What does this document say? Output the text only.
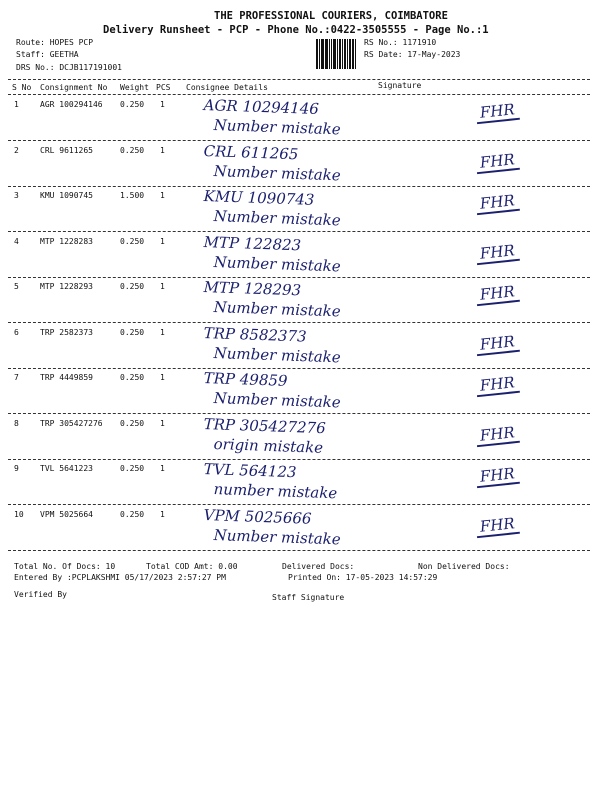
THE PROFESSIONAL COURIERS, COIMBATORE
Delivery Runsheet - PCP - Phone No.:0422-3505555 - Page No.:1
Route: HOPES PCP
Staff: GEETHA
DRS No.: DCJB117191001
RS No.: 1171910
RS Date: 17-May-2023
S No Consignment No Weight PCS Consignee Details	Signature
1	AGR 100294146 0.250 1	AGR 10294146
Number mistake
FHR
2	CRL 9611265	0.250 1	CRL 611265
Number mistake
FHR
3	KMU 1090745	1.500 1	KMU 1090743
Number mistake
FHR
4	MTP 1228283	0.250 1	MTP 122823
Number mistake
FHR
5	MTP 1228293	0.250 1	MTP 128293
Number mistake
FHR
6	TRP 2582373	0.250 1	TRP 8582373
Number mistake
FHR
7	TRP 4449859	0.250 1	TRP 49859
Number mistake
FHR
8	TRP 305427276 0.250 1	TRP 305427276
origin mistake
FHR
9	TVL 5641223	0.250 1	TVL 564123
number mistake
FHR
10 VPM 5025664	0.250 1	VPM 5025666
Number mistake
FHR
Total No. Of Docs: 10	Total COD Amt: 0.00	Delivered Docs:	Non Delivered Docs:
Entered By :PCPLAKSHMI 05/17/2023 2:57:27 PM	Printed On: 17-05-2023 14:57:29
Verified By	Staff Signature
